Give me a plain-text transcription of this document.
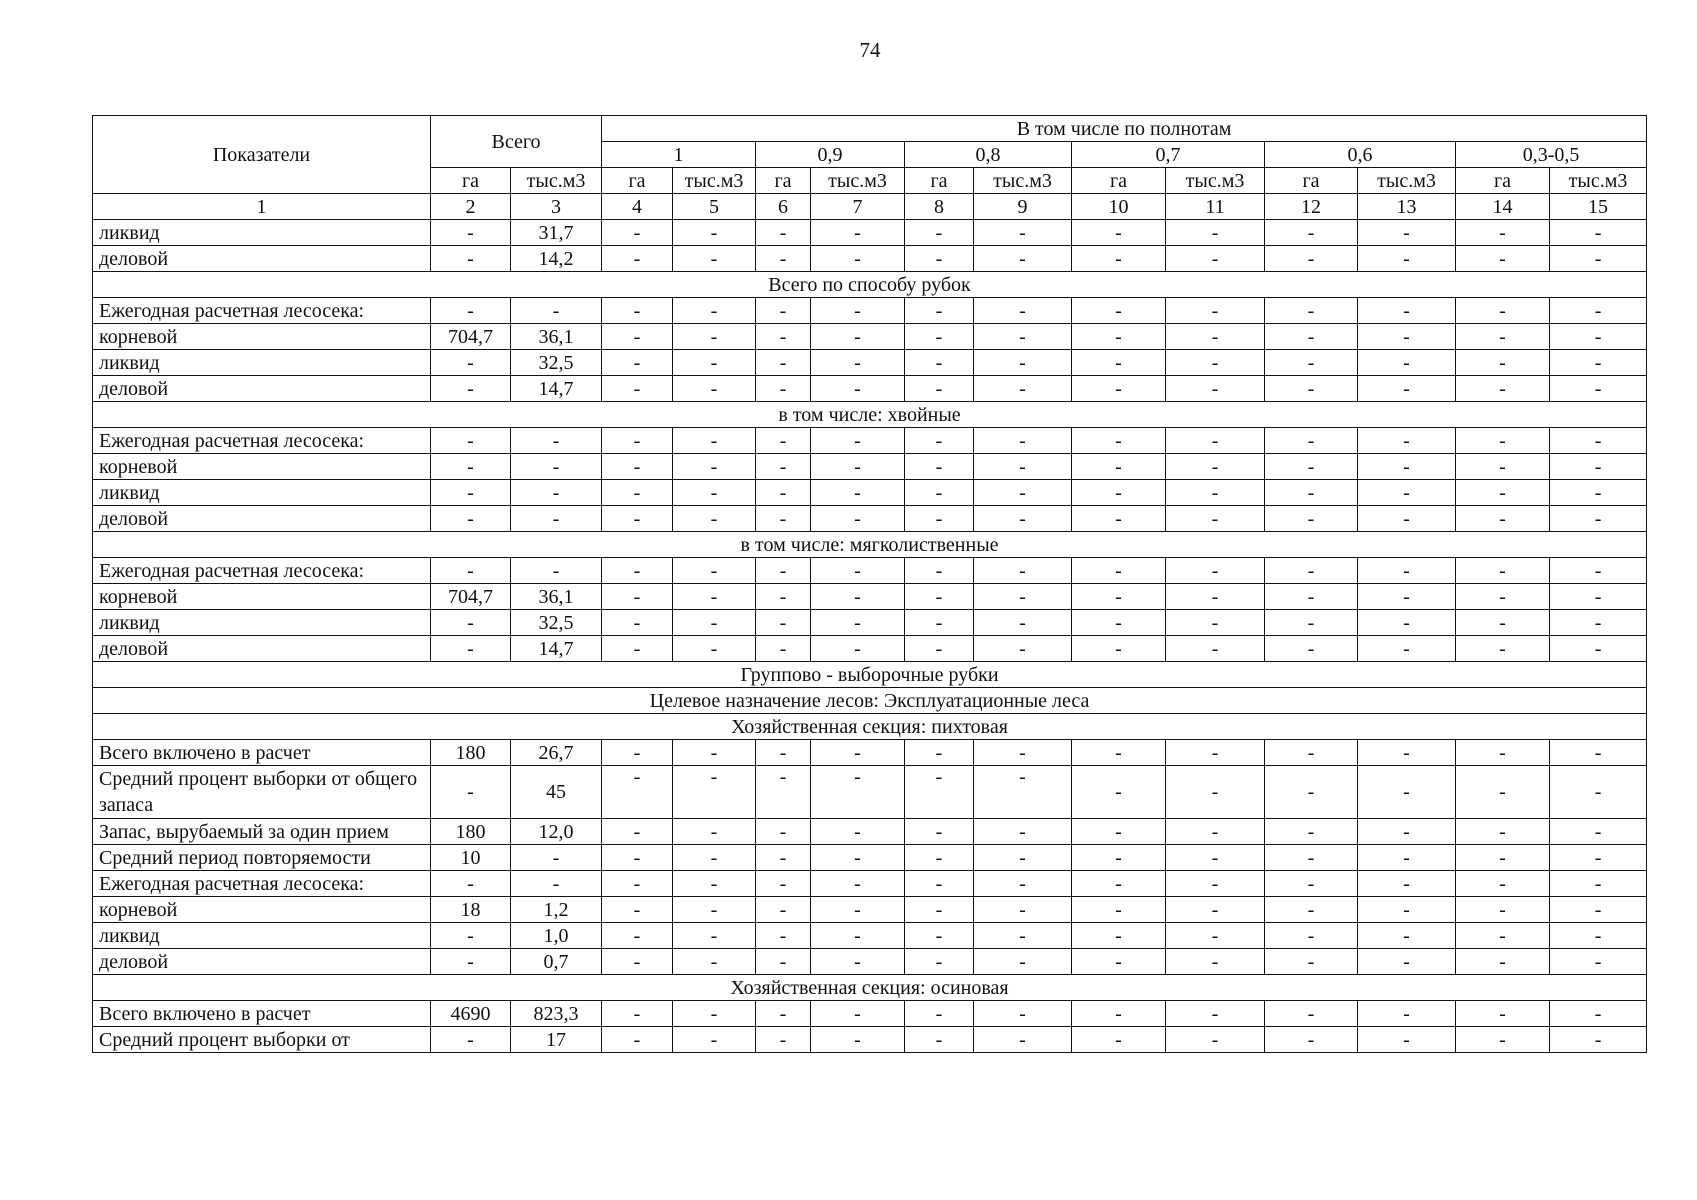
74
Показатели	Всего		В том числе по полнотам											
			1		0,9		0,8		0,7		0,6		0,3-0,5	
	га	тыс.м3	га	тыс.м3	га	тыс.м3	га	тыс.м3	га	тыс.м3	га	тыс.м3	га	тыс.м3
1	2	3	4	5	6	7	8	9	10	11	12	13	14	15
ликвид	-	31,7	-	-	-	-	-	-	-	-	-	-	-	-
деловой	-	14,2	-	-	-	-	-	-	-	-	-	-	-	-
Всего по способу рубок														
Ежегодная расчетная лесосека:	-	-	-	-	-	-	-	-	-	-	-	-	-	-
корневой	704,7	36,1	-	-	-	-	-	-	-	-	-	-	-	-
ликвид	-	32,5	-	-	-	-	-	-	-	-	-	-	-	-
деловой	-	14,7	-	-	-	-	-	-	-	-	-	-	-	-
в том числе: хвойные														
Ежегодная расчетная лесосека:	-	-	-	-	-	-	-	-	-	-	-	-	-	-
корневой	-	-	-	-	-	-	-	-	-	-	-	-	-	-
ликвид	-	-	-	-	-	-	-	-	-	-	-	-	-	-
деловой	-	-	-	-	-	-	-	-	-	-	-	-	-	-
в том числе: мягколиственные														
Ежегодная расчетная лесосека:	-	-	-	-	-	-	-	-	-	-	-	-	-	-
корневой	704,7	36,1	-	-	-	-	-	-	-	-	-	-	-	-
ликвид	-	32,5	-	-	-	-	-	-	-	-	-	-	-	-
деловой	-	14,7	-	-	-	-	-	-	-	-	-	-	-	-
Группово - выборочные рубки														
Целевое назначение лесов: Эксплуатационные леса														
Хозяйственная секция: пихтовая														
Всего включено в расчет	180	26,7	-	-	-	-	-	-	-	-	-	-	-	-
Средний процент выборки от общего запаса	-	45	-	-	-	-	-	-	-	-	-	-	-	-
Запас, вырубаемый за один прием	180	12,0	-	-	-	-	-	-	-	-	-	-	-	-
Средний период повторяемости	10	-	-	-	-	-	-	-	-	-	-	-	-	-
Ежегодная расчетная лесосека:	-	-	-	-	-	-	-	-	-	-	-	-	-	-
корневой	18	1,2	-	-	-	-	-	-	-	-	-	-	-	-
ликвид	-	1,0	-	-	-	-	-	-	-	-	-	-	-	-
деловой	-	0,7	-	-	-	-	-	-	-	-	-	-	-	-
Хозяйственная секция: осиновая														
Всего включено в расчет	4690	823,3	-	-	-	-	-	-	-	-	-	-	-	-
Средний процент выборки от	-	17	-	-	-	-	-	-	-	-	-	-	-	-
